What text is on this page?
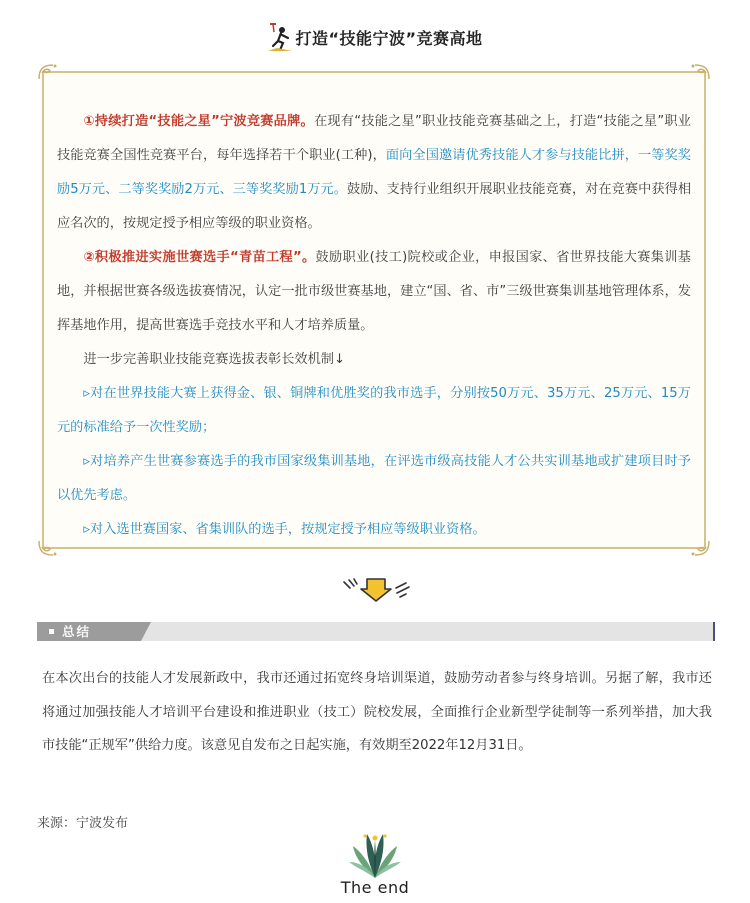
打造“技能宁波”竞赛高地

①持续打造“技能之星”宁波竞赛品牌。在现有“技能之星”职业技能竞赛基础之上，打造“技能之星”职业技能竞赛全国性竞赛平台，每年选择若干个职业(工种)，面向全国邀请优秀技能人才参与技能比拼，一等奖奖励5万元、二等奖奖励2万元、三等奖奖励1万元。鼓励、支持行业组织开展职业技能竞赛，对在竞赛中获得相应名次的，按规定授予相应等级的职业资格。

②积极推进实施世赛选手“青苗工程”。鼓励职业(技工)院校或企业，申报国家、省世界技能大赛集训基地，并根据世赛各级选拔赛情况，认定一批市级世赛基地，建立“国、省、市”三级世赛集训基地管理体系，发挥基地作用，提高世赛选手竞技水平和人才培养质量。

进一步完善职业技能竞赛选拔表彰长效机制↓

▹对在世界技能大赛上获得金、银、铜牌和优胜奖的我市选手，分别按50万元、35万元、25万元、15万元的标准给予一次性奖励；

▹对培养产生世赛参赛选手的我市国家级集训基地，在评选市级高技能人才公共实训基地或扩建项目时予以优先考虑。

▹对入选世赛国家、省集训队的选手，按规定授予相应等级职业资格。

总结
在本次出台的技能人才发展新政中，我市还通过拓宽终身培训渠道，鼓励劳动者参与终身培训。另据了解，我市还将通过加强技能人才培训平台建设和推进职业（技工）院校发展，全面推行企业新型学徒制等一系列举措，加大我市技能“正规军”供给力度。该意见自发布之日起实施，有效期至2022年12月31日。
来源：宁波发布
The end
